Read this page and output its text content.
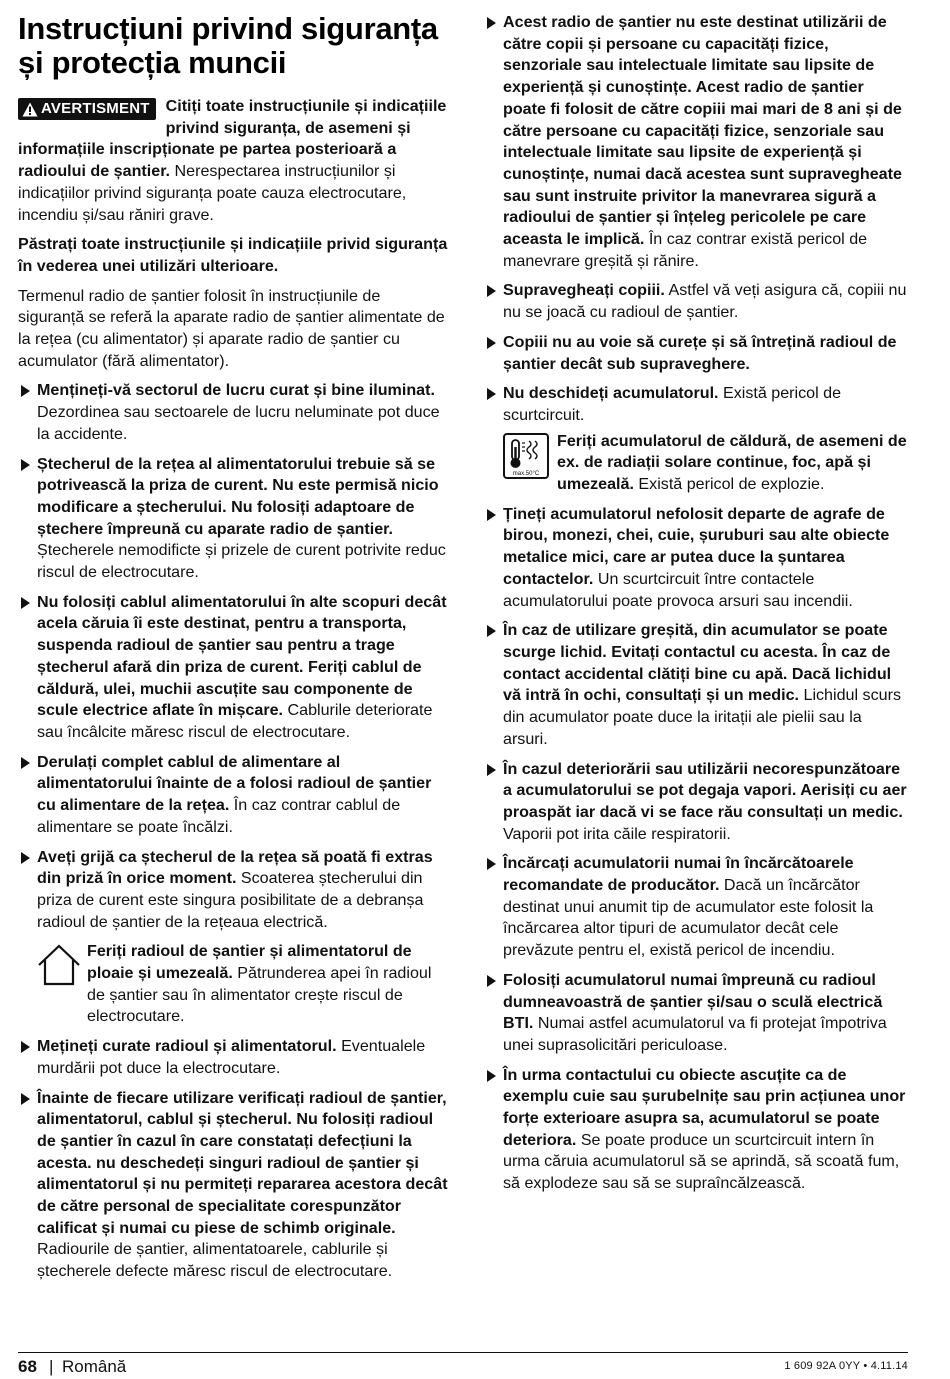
Instrucțiuni privind siguranța și protecția muncii
AVERTISMENT Citiți toate instrucțiunile și indicațiile privind siguranța, de asemeni și informațiile inscripționate pe partea posterioară a radioului de șantier. Nerespectarea instrucțiunilor și indicațiilor privind siguranța poate cauza electrocutare, incendiu și/sau răniri grave.

Păstrați toate instrucțiunile și indicațiile privid siguranța în vederea unei utilizări ulterioare.

Termenul radio de șantier folosit în instrucțiunile de siguranță se referă la aparate radio de șantier alimentate de la rețea (cu alimentator) și aparate radio de șantier cu acumulator (fără alimentator).

Mențineți-vă sectorul de lucru curat și bine iluminat. Dezordinea sau sectoarele de lucru neluminate pot duce la accidente.
Ștecherul de la rețea al alimentatorului trebuie să se potrivească la priza de curent. Nu este permisă nicio modificare a ștecherului. Nu folosiți adaptoare de ștechere împreună cu aparate radio de șantier. Ștecherele nemodificte și prizele de curent potrivite reduc riscul de electrocutare.
Nu folosiți cablul alimentatorului în alte scopuri decât acela căruia îi este destinat, pentru a transporta, suspenda radioul de șantier sau pentru a trage ștecherul afară din priza de curent. Feriți cablul de căldură, ulei, muchii ascuțite sau componente de scule electrice aflate în mișcare. Cablurile deteriorate sau încâlcite măresc riscul de electrocutare.
Derulați complet cablul de alimentare al alimentatorului înainte de a folosi radioul de șantier cu alimentare de la rețea. În caz contrar cablul de alimentare se poate încălzi.
Aveți grijă ca ștecherul de la rețea să poată fi extras din priză în orice moment. Scoaterea ștecherului din priza de curent este singura posibilitate de a debranșa radioul de șantier de la rețeaua electrică.
Feriți radioul de șantier și alimentatorul de ploaie și umezeală. Pătrunderea apei în radioul de șantier sau în alimentator crește riscul de electrocutare.
Mețineți curate radioul și alimentatorul. Eventualele murdării pot duce la electrocutare.
Înainte de fiecare utilizare verificați radioul de șantier, alimentatorul, cablul și ștecherul. Nu folosiți radioul de șantier în cazul în care constatați defecțiuni la acesta. nu deschedeți singuri radioul de șantier și alimentatorul și nu permiteți repararea acestora decât de către personal de specialitate corespunzător calificat și numai cu piese de schimb originale. Radiourile de șantier, alimentatoarele, cablurile și ștecherele defecte măresc riscul de electrocutare.
Acest radio de șantier nu este destinat utilizării de către copii și persoane cu capacități fizice, senzoriale sau intelectuale limitate sau lipsite de experiență și cunoștințe. Acest radio de șantier poate fi folosit de către copiii mai mari de 8 ani și de către persoane cu capacități fizice, senzoriale sau intelectuale limitate sau lipsite de experiență și cunoștințe, numai dacă acestea sunt supravegheate sau sunt instruite privitor la manevrarea sigură a radioului de șantier și înțeleg pericolele pe care aceasta le implică. În caz contrar există pericol de manevrare greșită și rănire.
Supravegheați copiii. Astfel vă veți asigura că, copiii nu nu se joacă cu radioul de șantier.
Copiii nu au voie să curețe și să întrețină radioul de șantier decât sub supraveghere.
Nu deschideți acumulatorul. Există pericol de scurtcircuit.
max.50°C
Feriți acumulatorul de căldură, de asemeni de ex. de radiații solare continue, foc, apă și umezeală. Există pericol de explozie.
Țineți acumulatorul nefolosit departe de agrafe de birou, monezi, chei, cuie, șuruburi sau alte obiecte metalice mici, care ar putea duce la șuntarea contactelor. Un scurtcircuit între contactele acumulatorului poate provoca arsuri sau incendii.
În caz de utilizare greșită, din acumulator se poate scurge lichid. Evitați contactul cu acesta. În caz de contact accidental clătiți bine cu apă. Dacă lichidul vă intră în ochi, consultați și un medic. Lichidul scurs din acumulator poate duce la iritații ale pielii sau la arsuri.
În cazul deteriorării sau utilizării necorespunzătoare a acumulatorului se pot degaja vapori. Aerisiți cu aer proaspăt iar dacă vi se face rău consultați un medic. Vaporii pot irita căile respiratorii.
Încărcați acumulatorii numai în încărcătoarele recomandate de producător. Dacă un încărcător destinat unui anumit tip de acumulator este folosit la încărcarea altor tipuri de acumulator decât cele prevăzute pentru el, există pericol de incendiu.
Folosiți acumulatorul numai împreună cu radioul dumneavoastră de șantier și/sau o sculă electrică BTI. Numai astfel acumulatorul va fi protejat împotriva unei suprasolicitări periculoase.
În urma contactului cu obiecte ascuțite ca de exemplu cuie sau șurubelnițe sau prin acțiunea unor forțe exterioare asupra sa, acumulatorul se poate deteriora. Se poate produce un scurtcircuit intern în urma căruia acumulatorul să se aprindă, să scoată fum, să explodeze sau să se supraîncălzească.
68 | Română	1 609 92A 0YY • 4.11.14
